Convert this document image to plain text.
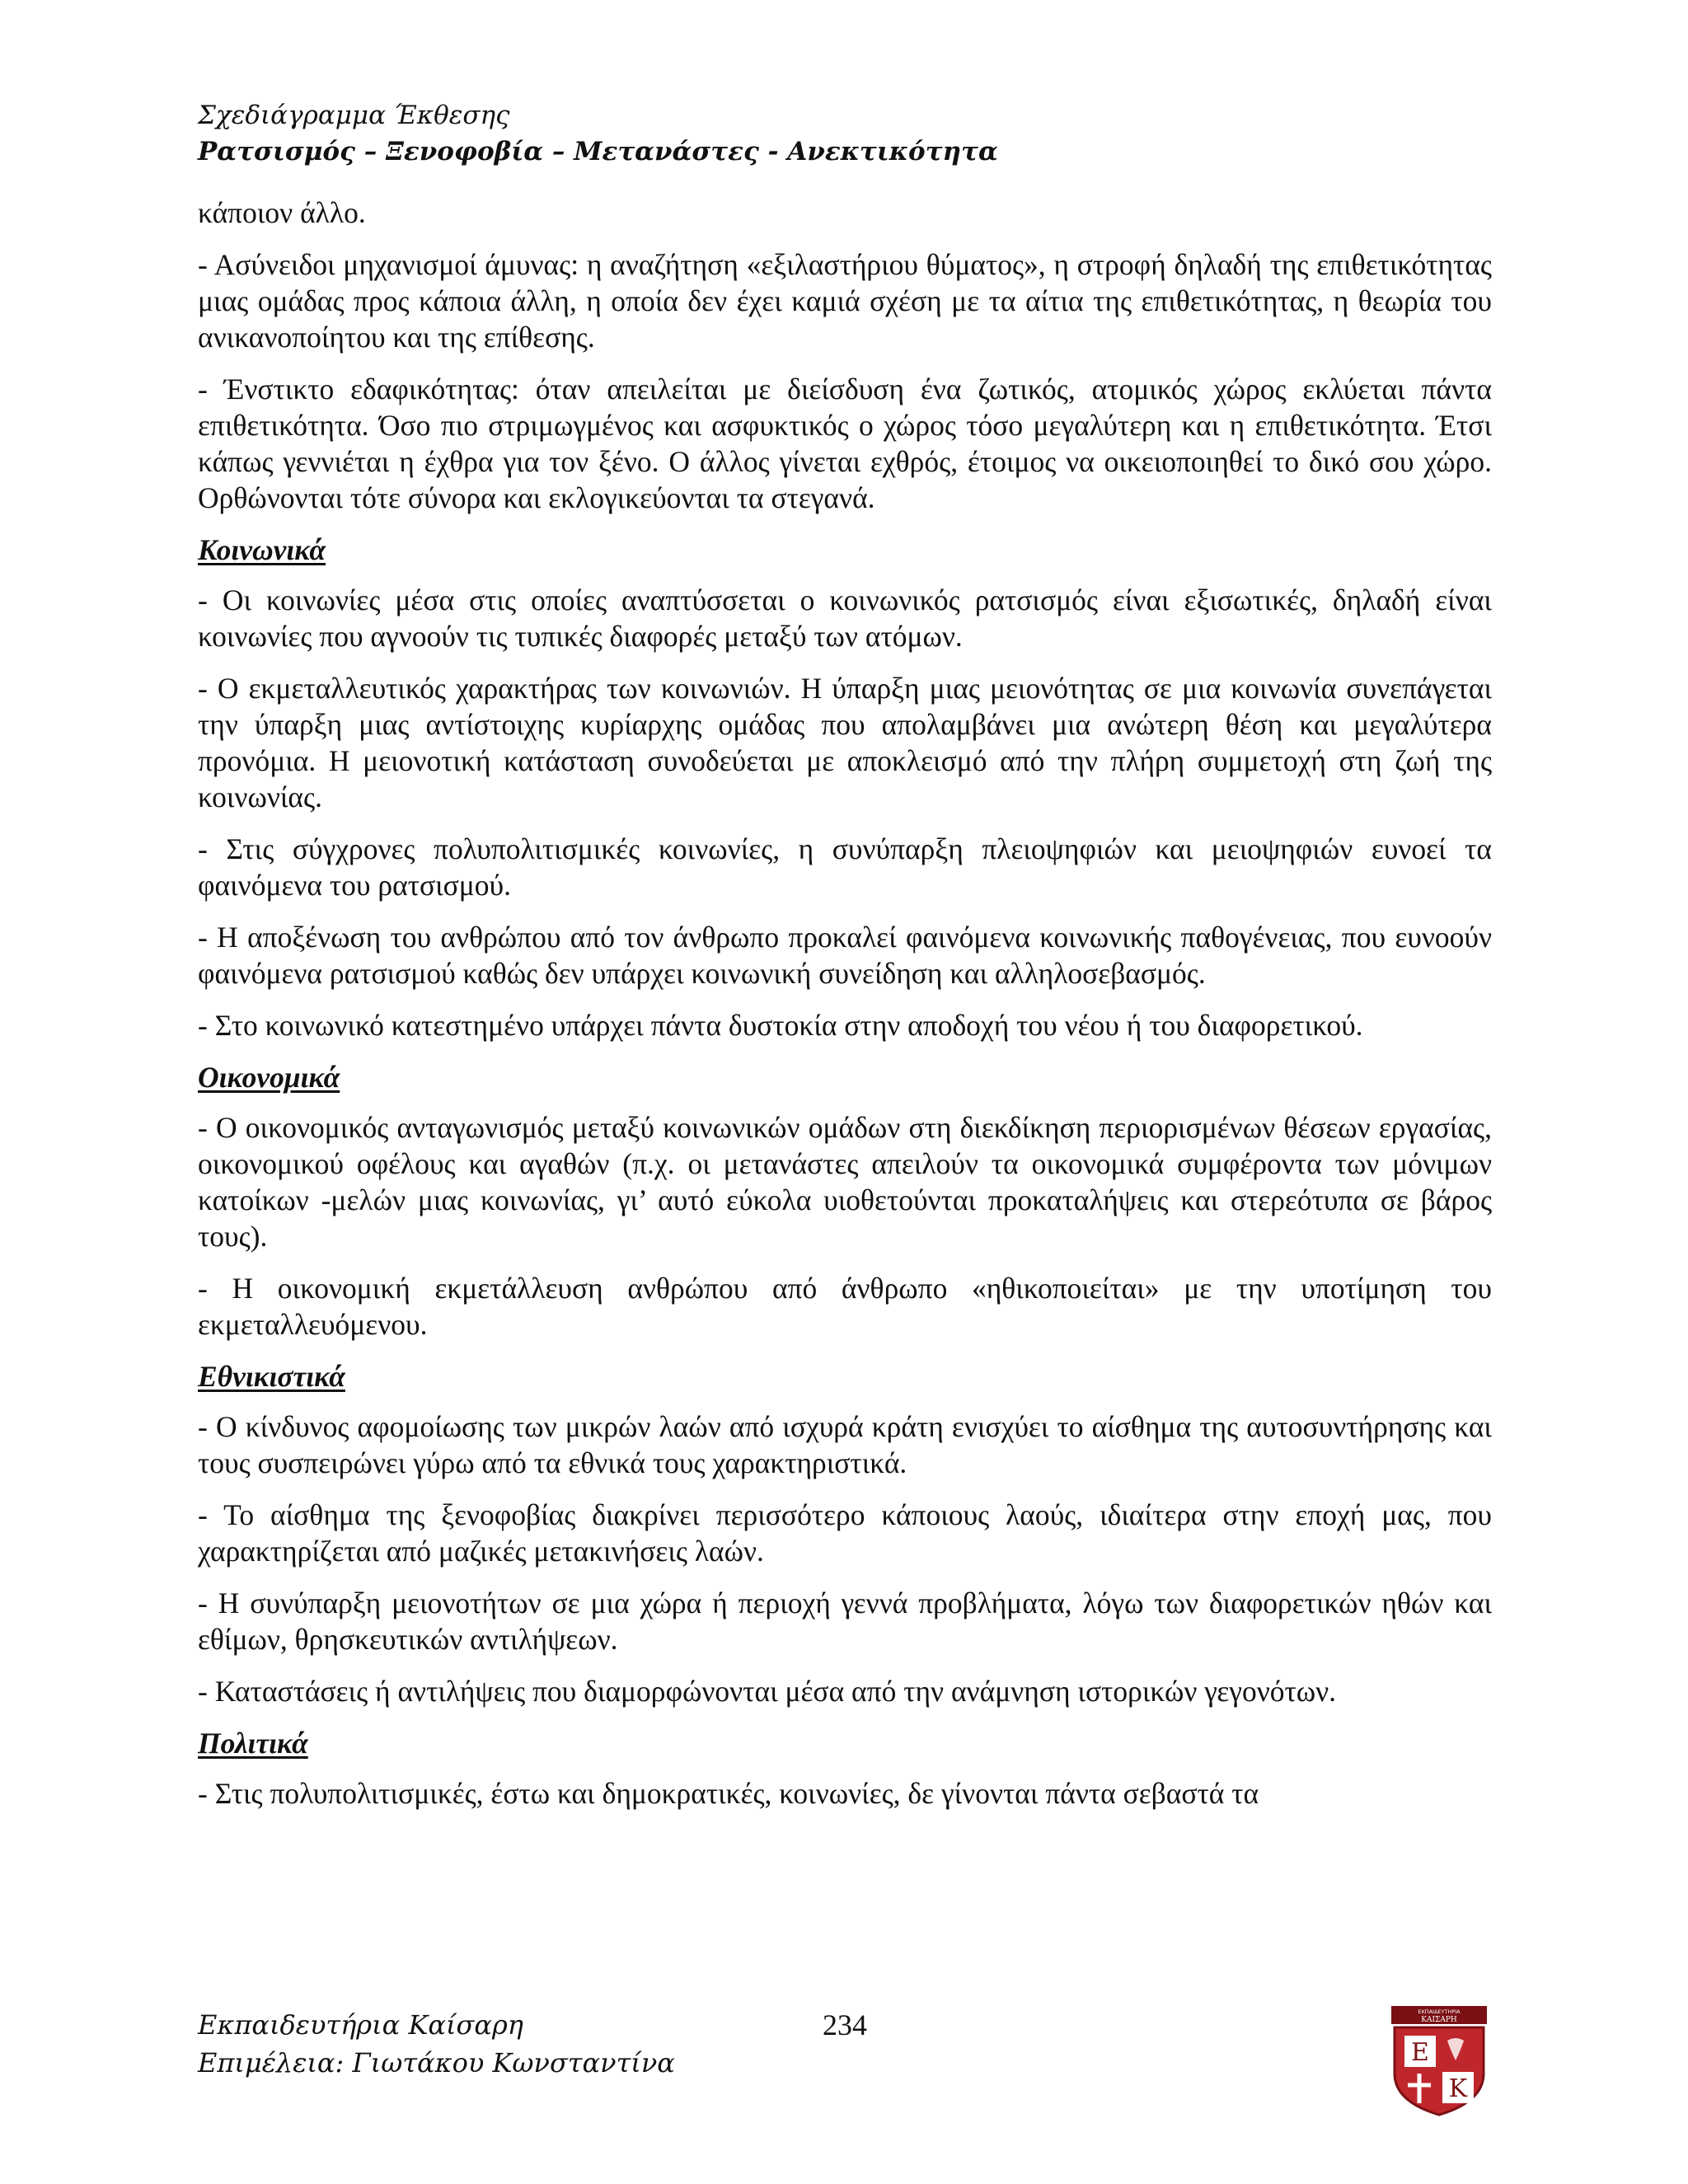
Σχεδιάγραμμα Έκθεσης
Ρατσισμός – Ξενοφοβία – Μετανάστες - Ανεκτικότητα

κάποιον άλλο.

- Ασύνειδοι μηχανισμοί άμυνας: η αναζήτηση «εξιλαστήριου θύματος», η στροφή δηλαδή της επιθετικότητας μιας ομάδας προς κάποια άλλη, η οποία δεν έχει καμιά σχέση με τα αίτια της επιθετικότητας, η θεωρία του ανικανοποίητου και της επίθεσης.

- Ένστικτο εδαφικότητας: όταν απειλείται με διείσδυση ένα ζωτικός, ατομικός χώρος εκλύεται πάντα επιθετικότητα. Όσο πιο στριμωγμένος και ασφυκτικός ο χώρος τόσο μεγαλύτερη και η επιθετικότητα. Έτσι κάπως γεννιέται η έχθρα για τον ξένο. Ο άλλος γίνεται εχθρός, έτοιμος να οικειοποιηθεί το δικό σου χώρο. Ορθώνονται τότε σύνορα και εκλογικεύονται τα στεγανά.

Κοινωνικά

- Οι κοινωνίες μέσα στις οποίες αναπτύσσεται ο κοινωνικός ρατσισμός είναι εξισωτικές, δηλαδή είναι κοινωνίες που αγνοούν τις τυπικές διαφορές μεταξύ των ατόμων.

- Ο εκμεταλλευτικός χαρακτήρας των κοινωνιών. Η ύπαρξη μιας μειονότητας σε μια κοινωνία συνεπάγεται την ύπαρξη μιας αντίστοιχης κυρίαρχης ομάδας που απολαμβάνει μια ανώτερη θέση και μεγαλύτερα προνόμια. Η μειονοτική κατάσταση συνοδεύεται με αποκλεισμό από την πλήρη συμμετοχή στη ζωή της κοινωνίας.

- Στις σύγχρονες πολυπολιτισμικές κοινωνίες, η συνύπαρξη πλειοψηφιών και μειοψηφιών ευνοεί τα φαινόμενα του ρατσισμού.

- Η αποξένωση του ανθρώπου από τον άνθρωπο προκαλεί φαινόμενα κοινωνικής παθογένειας, που ευνοούν φαινόμενα ρατσισμού καθώς δεν υπάρχει κοινωνική συνείδηση και αλληλοσεβασμός.

- Στο κοινωνικό κατεστημένο υπάρχει πάντα δυστοκία στην αποδοχή του νέου ή του διαφορετικού.

Οικονομικά

- Ο οικονομικός ανταγωνισμός μεταξύ κοινωνικών ομάδων στη διεκδίκηση περιορισμένων θέσεων εργασίας, οικονομικού οφέλους και αγαθών (π.χ. οι μετανάστες απειλούν τα οικονομικά συμφέροντα των μόνιμων κατοίκων -μελών μιας κοινωνίας, γι’ αυτό εύκολα υιοθετούνται προκαταλήψεις και στερεότυπα σε βάρος τους).

- Η οικονομική εκμετάλλευση ανθρώπου από άνθρωπο «ηθικοποιείται» με την υποτίμηση του εκμεταλλευόμενου.

Εθνικιστικά

- Ο κίνδυνος αφομοίωσης των μικρών λαών από ισχυρά κράτη ενισχύει το αίσθημα της αυτοσυντήρησης και τους συσπειρώνει γύρω από τα εθνικά τους χαρακτηριστικά.

- Το αίσθημα της ξενοφοβίας διακρίνει περισσότερο κάποιους λαούς, ιδιαίτερα στην εποχή μας, που χαρακτηρίζεται από μαζικές μετακινήσεις λαών.

- Η συνύπαρξη μειονοτήτων σε μια χώρα ή περιοχή γεννά προβλήματα, λόγω των διαφορετικών ηθών και εθίμων, θρησκευτικών αντιλήψεων.

- Καταστάσεις ή αντιλήψεις που διαμορφώνονται μέσα από την ανάμνηση ιστορικών γεγονότων.

Πολιτικά

- Στις πολυπολιτισμικές, έστω και δημοκρατικές, κοινωνίες, δε γίνονται πάντα σεβαστά τα

Εκπαιδευτήρια Καίσαρη
Επιμέλεια: Γιωτάκου Κωνσταντίνα
234	ΕΚΠΑΙΔΕΥΤΗΡΙΑ
ΚΑΙΣΑΡΗ
Ε
Κ
